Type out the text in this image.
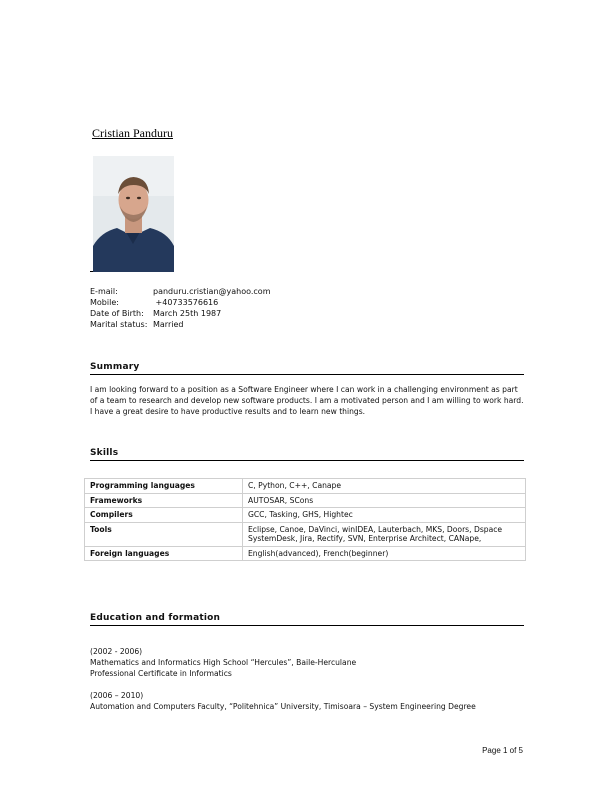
Cristian Panduru
E-mail:	panduru.cristian@yahoo.com
Mobile:	+40733576616
Date of Birth:	March 25th 1987
Marital status: Married
Summary
I am looking forward to a position as a Software Engineer where I can work in a challenging environment as part of a team to research and develop new software products. I am a motivated person and I am willing to work hard. I have a great desire to have productive results and to learn new things.
Skills
Programming languages	C, Python, C++, Canape
Frameworks	AUTOSAR, SCons
Compilers	GCC, Tasking, GHS, Hightec
Tools	Eclipse, Canoe, DaVinci, winIDEA, Lauterbach, MKS, Doors, Dspace SystemDesk, Jira, Rectify, SVN, Enterprise Architect, CANape,
Foreign languages	English(advanced), French(beginner)
Education and formation
(2002 - 2006)
Mathematics and Informatics High School “Hercules”, Baile-Herculane
Professional Certificate in Informatics
(2006 – 2010)
Automation and Computers Faculty, “Politehnica” University, Timisoara – System Engineering Degree
Page 1 of 5
